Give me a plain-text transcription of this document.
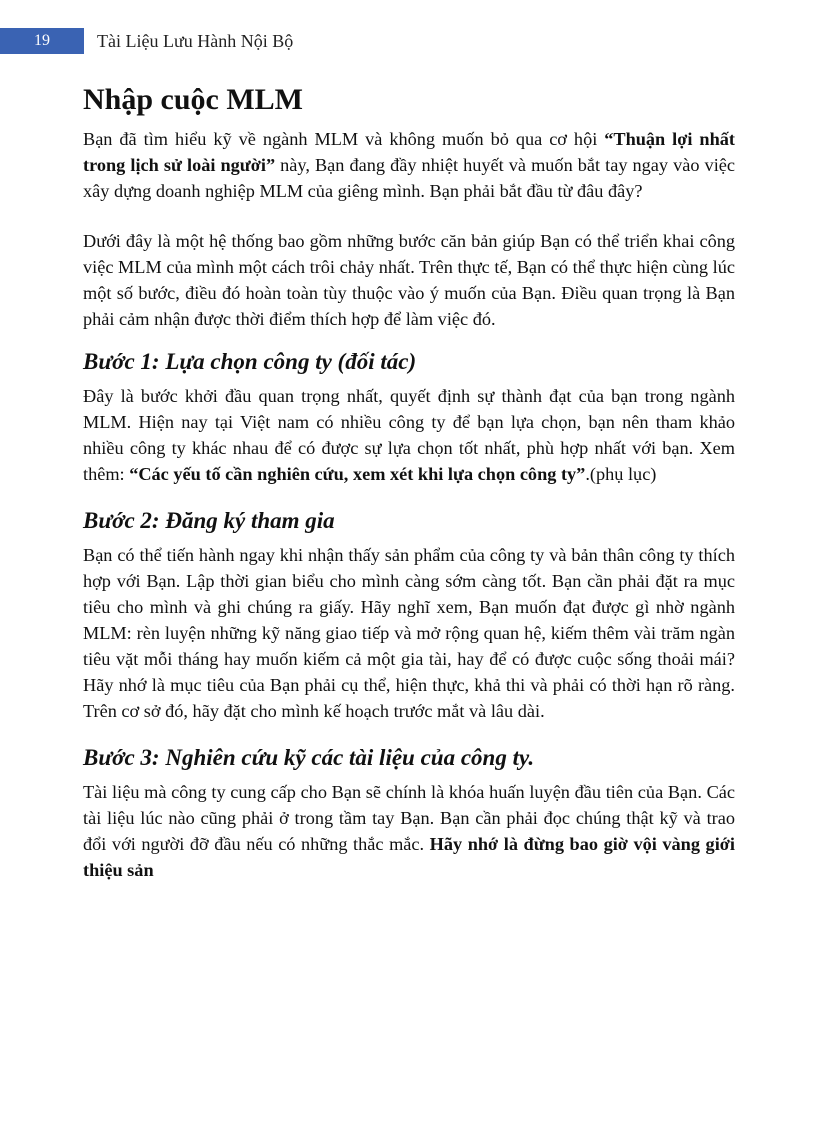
19	Tài Liệu Lưu Hành Nội Bộ
Nhập cuộc MLM

Bạn đã tìm hiểu kỹ về ngành MLM và không muốn bỏ qua cơ hội “Thuận lợi nhất trong lịch sử loài người” này, Bạn đang đầy nhiệt huyết và muốn bắt tay ngay vào việc xây dựng doanh nghiệp MLM của giêng mình. Bạn phải bắt đầu từ đâu đây?

Dưới đây là một hệ thống bao gồm những bước căn bản giúp Bạn có thể triển khai công việc MLM của mình một cách trôi chảy nhất. Trên thực tế, Bạn có thể thực hiện cùng lúc một số bước, điều đó hoàn toàn tùy thuộc vào ý muốn của Bạn. Điều quan trọng là Bạn phải cảm nhận được thời điểm thích hợp để làm việc đó.

Bước 1: Lựa chọn công ty (đối tác)

Đây là bước khởi đầu quan trọng nhất, quyết định sự thành đạt của bạn trong ngành MLM. Hiện nay tại Việt nam có nhiều công ty để bạn lựa chọn, bạn nên tham khảo nhiều công ty khác nhau để có được sự lựa chọn tốt nhất, phù hợp nhất với bạn. Xem thêm: “Các yếu tố cần nghiên cứu, xem xét khi lựa chọn công ty”.(phụ lục)

Bước 2: Đăng ký tham gia

Bạn có thể tiến hành ngay khi nhận thấy sản phẩm của công ty và bản thân công ty thích hợp với Bạn. Lập thời gian biểu cho mình càng sớm càng tốt. Bạn cần phải đặt ra mục tiêu cho mình và ghi chúng ra giấy. Hãy nghĩ xem, Bạn muốn đạt được gì nhờ ngành MLM: rèn luyện những kỹ năng giao tiếp và mở rộng quan hệ, kiếm thêm vài trăm ngàn tiêu vặt mỗi tháng hay muốn kiếm cả một gia tài, hay để có được cuộc sống thoải mái? Hãy nhớ là mục tiêu của Bạn phải cụ thể, hiện thực, khả thi và phải có thời hạn rõ ràng. Trên cơ sở đó, hãy đặt cho mình kế hoạch trước mắt và lâu dài.

Bước 3: Nghiên cứu kỹ các tài liệu của công ty.

Tài liệu mà công ty cung cấp cho Bạn sẽ chính là khóa huấn luyện đầu tiên của Bạn. Các tài liệu lúc nào cũng phải ở trong tầm tay Bạn. Bạn cần phải đọc chúng thật kỹ và trao đổi với người đỡ đầu nếu có những thắc mắc. Hãy nhớ là đừng bao giờ vội vàng giới thiệu sản
